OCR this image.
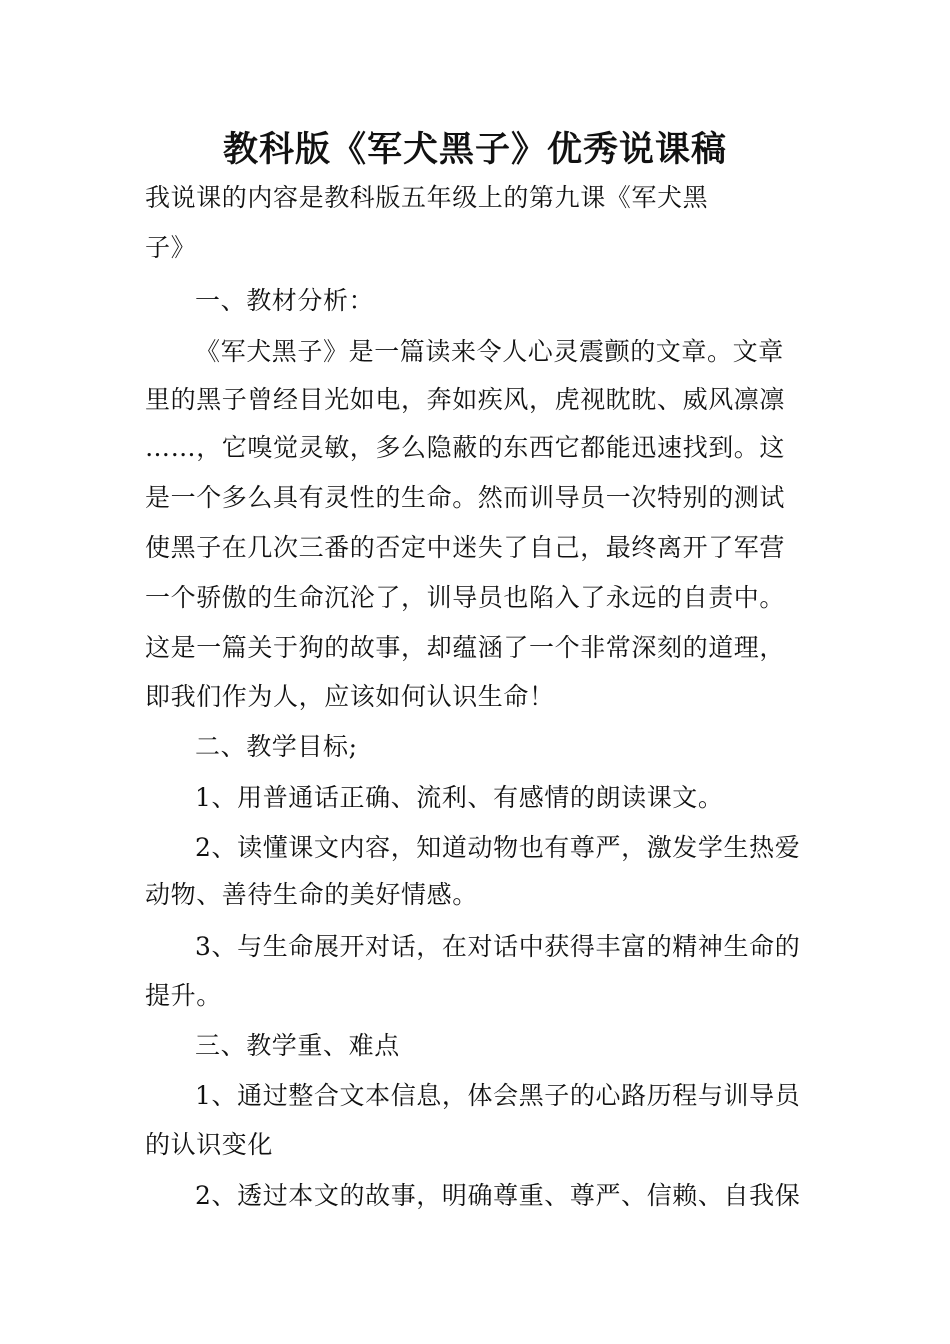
教科版《军犬黑子》优秀说课稿
我说课的内容是教科版五年级上的第九课《军犬黑
子》
一、教材分析：
《军犬黑子》是一篇读来令人心灵震颤的文章。文章
里的黑子曾经目光如电，奔如疾风，虎视眈眈、威风凛凛
……，它嗅觉灵敏，多么隐蔽的东西它都能迅速找到。这
是一个多么具有灵性的生命。然而训导员一次特别的测试
使黑子在几次三番的否定中迷失了自己，最终离开了军营
一个骄傲的生命沉沦了，训导员也陷入了永远的自责中。
这是一篇关于狗的故事，却蕴涵了一个非常深刻的道理，
即我们作为人，应该如何认识生命！
二、教学目标;
1、用普通话正确、流利、有感情的朗读课文。
2、读懂课文内容，知道动物也有尊严，激发学生热爱
动物、善待生命的美好情感。
3、与生命展开对话，在对话中获得丰富的精神生命的
提升。
三、教学重、难点
1、通过整合文本信息，体会黑子的心路历程与训导员
的认识变化
2、透过本文的故事，明确尊重、尊严、信赖、自我保
